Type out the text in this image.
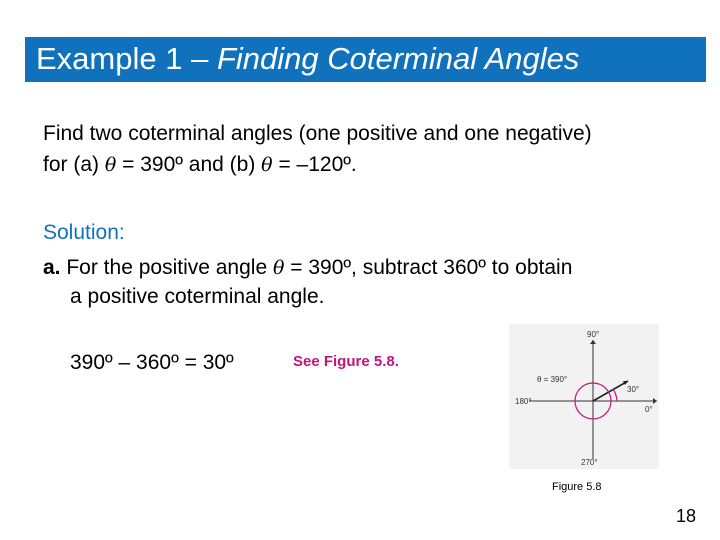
Example 1 – Finding Coterminal Angles
Find two coterminal angles (one positive and one negative)
for (a) θ = 390º and (b) θ = –120º.
Solution:
a. For the positive angle θ = 390º, subtract 360º to obtain
a positive coterminal angle.
390º – 360º = 30º	See Figure 5.8.
90°
180°
0°
270°
θ = 390°
30°
Figure 5.8
18
